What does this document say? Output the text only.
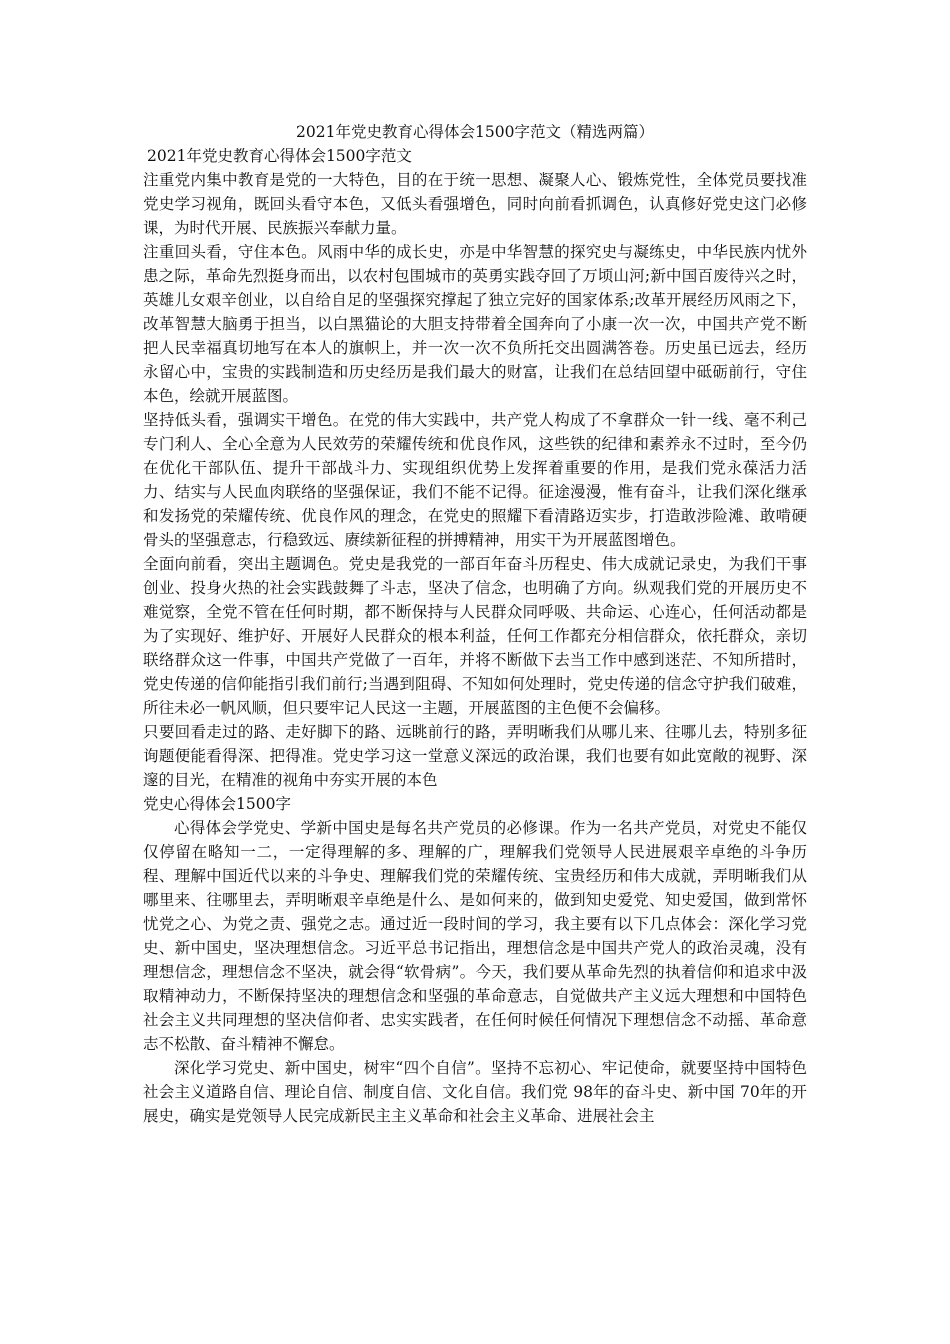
2021年党史教育心得体会1500字范文（精选两篇）
2021年党史教育心得体会1500字范文

注重党内集中教育是党的一大特色，目的在于统一思想、凝聚人心、锻炼党性，全体党员要找准党史学习视角，既回头看守本色，又低头看强增色，同时向前看抓调色，认真修好党史这门必修课，为时代开展、民族振兴奉献力量。

注重回头看，守住本色。风雨中华的成长史，亦是中华智慧的探究史与凝练史，中华民族内忧外患之际，革命先烈挺身而出，以农村包围城市的英勇实践夺回了万顷山河;新中国百废待兴之时，英雄儿女艰辛创业，以自给自足的坚强探究撑起了独立完好的国家体系;改革开展经历风雨之下，改革智慧大脑勇于担当，以白黑猫论的大胆支持带着全国奔向了小康一次一次，中国共产党不断把人民幸福真切地写在本人的旗帜上，并一次一次不负所托交出圆满答卷。历史虽已远去，经历永留心中，宝贵的实践制造和历史经历是我们最大的财富，让我们在总结回望中砥砺前行，守住本色，绘就开展蓝图。

坚持低头看，强调实干增色。在党的伟大实践中，共产党人构成了不拿群众一针一线、毫不利己专门利人、全心全意为人民效劳的荣耀传统和优良作风，这些铁的纪律和素养永不过时，至今仍在优化干部队伍、提升干部战斗力、实现组织优势上发挥着重要的作用，是我们党永葆活力活力、结实与人民血肉联络的坚强保证，我们不能不记得。征途漫漫，惟有奋斗，让我们深化继承和发扬党的荣耀传统、优良作风的理念，在党史的照耀下看清路迈实步，打造敢涉险滩、敢啃硬骨头的坚强意志，行稳致远、赓续新征程的拼搏精神，用实干为开展蓝图增色。

全面向前看，突出主题调色。党史是我党的一部百年奋斗历程史、伟大成就记录史，为我们干事创业、投身火热的社会实践鼓舞了斗志，坚决了信念，也明确了方向。纵观我们党的开展历史不难觉察，全党不管在任何时期，都不断保持与人民群众同呼吸、共命运、心连心，任何活动都是为了实现好、维护好、开展好人民群众的根本利益，任何工作都充分相信群众，依托群众，亲切联络群众这一件事，中国共产党做了一百年，并将不断做下去当工作中感到迷茫、不知所措时，党史传递的信仰能指引我们前行;当遇到阻碍、不知如何处理时，党史传递的信念守护我们破难，所往未必一帆风顺，但只要牢记人民这一主题，开展蓝图的主色便不会偏移。

只要回看走过的路、走好脚下的路、远眺前行的路，弄明晰我们从哪儿来、往哪儿去，特别多征询题便能看得深、把得准。党史学习这一堂意义深远的政治课，我们也要有如此宽敞的视野、深邃的目光，在精准的视角中夯实开展的本色

党史心得体会1500字

心得体会学党史、学新中国史是每名共产党员的必修课。作为一名共产党员，对党史不能仅仅停留在略知一二，一定得理解的多、理解的广，理解我们党领导人民进展艰辛卓绝的斗争历程、理解中国近代以来的斗争史、理解我们党的荣耀传统、宝贵经历和伟大成就，弄明晰我们从哪里来、往哪里去，弄明晰艰辛卓绝是什么、是如何来的，做到知史爱党、知史爱国，做到常怀忧党之心、为党之责、强党之志。通过近一段时间的学习，我主要有以下几点体会：深化学习党史、新中国史，坚决理想信念。习近平总书记指出，理想信念是中国共产党人的政治灵魂，没有理想信念，理想信念不坚决，就会得“软骨病”。今天，我们要从革命先烈的执着信仰和追求中汲取精神动力，不断保持坚决的理想信念和坚强的革命意志，自觉做共产主义远大理想和中国特色社会主义共同理想的坚决信仰者、忠实实践者，在任何时候任何情况下理想信念不动摇、革命意志不松散、奋斗精神不懈怠。

深化学习党史、新中国史，树牢“四个自信”。坚持不忘初心、牢记使命，就要坚持中国特色社会主义道路自信、理论自信、制度自信、文化自信。我们党 98年的奋斗史、新中国 70年的开展史，确实是党领导人民完成新民主主义革命和社会主义革命、进展社会主
